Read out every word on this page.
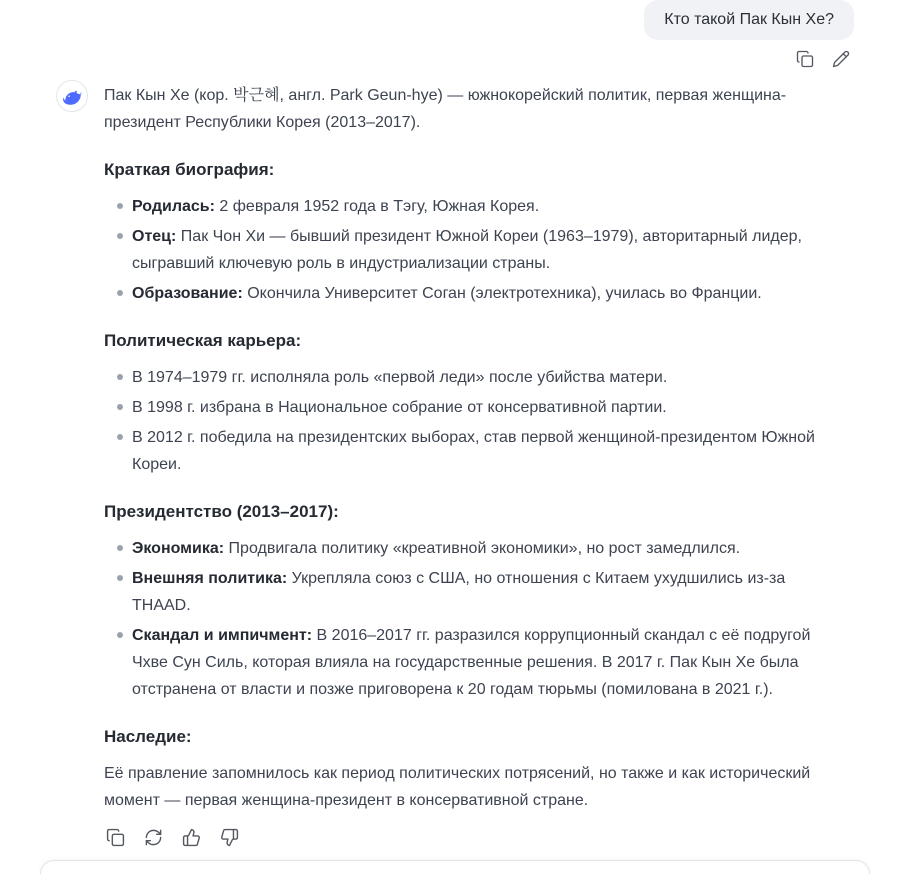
Кто такой Пак Кын Хе?

Пак Кын Хе (кор. 박근혜, англ. Park Geun-hye) — южнокорейский политик, первая женщина-президент Республики Корея (2013–2017).

Краткая биография:
Родилась: 2 февраля 1952 года в Тэгу, Южная Корея.
Отец: Пак Чон Хи — бывший президент Южной Кореи (1963–1979), авторитарный лидер, сыгравший ключевую роль в индустриализации страны.
Образование: Окончила Университет Соган (электротехника), училась во Франции.
Политическая карьера:
В 1974–1979 гг. исполняла роль «первой леди» после убийства матери.
В 1998 г. избрана в Национальное собрание от консервативной партии.
В 2012 г. победила на президентских выборах, став первой женщиной-президентом Южной Кореи.
Президентство (2013–2017):
Экономика: Продвигала политику «креативной экономики», но рост замедлился.
Внешняя политика: Укрепляла союз с США, но отношения с Китаем ухудшились из-за THAAD.
Скандал и импичмент: В 2016–2017 гг. разразился коррупционный скандал с её подругой Чхве Сун Силь, которая влияла на государственные решения. В 2017 г. Пак Кын Хе была отстранена от власти и позже приговорена к 20 годам тюрьмы (помилована в 2021 г.).
Наследие:

Её правление запомнилось как период политических потрясений, но также и как исторический момент — первая женщина-президент в консервативной стране.
